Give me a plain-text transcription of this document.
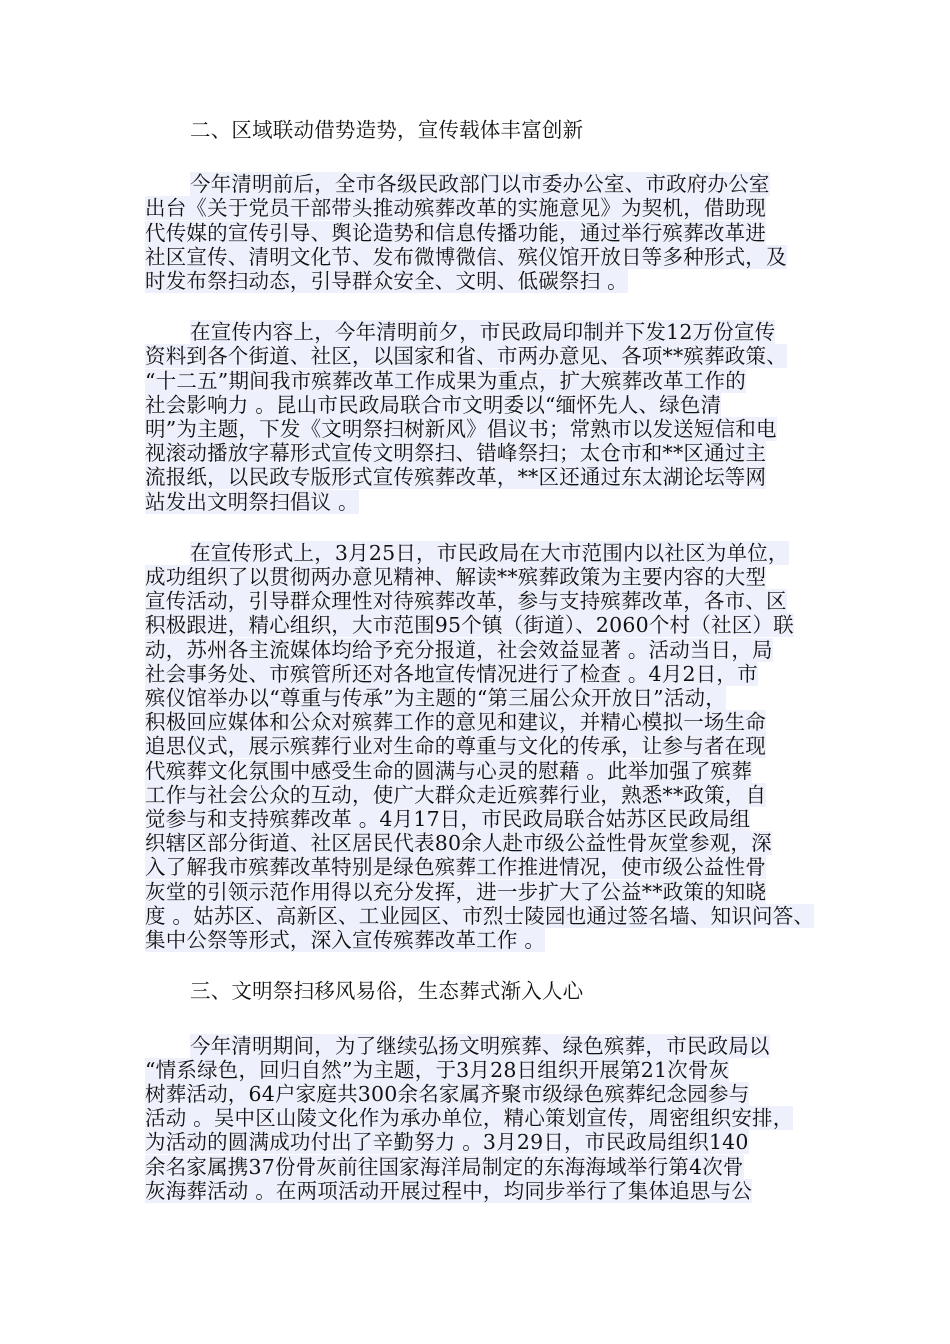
二、区域联动借势造势，宣传载体丰富创新

今年清明前后，全市各级民政部门以市委办公室、市政府办公室

出台《关于党员干部带头推动殡葬改革的实施意见》为契机，借助现

代传媒的宣传引导、舆论造势和信息传播功能，通过举行殡葬改革进

社区宣传、清明文化节、发布微博微信、殡仪馆开放日等多种形式，及

时发布祭扫动态，引导群众安全、文明、低碳祭扫 。

在宣传内容上，今年清明前夕，市民政局印制并下发12万份宣传

资料到各个街道、社区，以国家和省、市两办意见、各项**殡葬政策、

“十二五”期间我市殡葬改革工作成果为重点，扩大殡葬改革工作的

社会影响力 。昆山市民政局联合市文明委以“缅怀先人、绿色清

明”为主题，下发《文明祭扫树新风》倡议书；常熟市以发送短信和电

视滚动播放字幕形式宣传文明祭扫、错峰祭扫；太仓市和**区通过主

流报纸，以民政专版形式宣传殡葬改革，**区还通过东太湖论坛等网

站发出文明祭扫倡议 。

在宣传形式上，3月25日，市民政局在大市范围内以社区为单位，

成功组织了以贯彻两办意见精神、解读**殡葬政策为主要内容的大型

宣传活动，引导群众理性对待殡葬改革，参与支持殡葬改革，各市、区

积极跟进，精心组织，大市范围95个镇（街道）、2060个村（社区）联

动，苏州各主流媒体均给予充分报道，社会效益显著 。活动当日，局

社会事务处、市殡管所还对各地宣传情况进行了检查 。4月2日，市

殡仪馆举办以“尊重与传承”为主题的“第三届公众开放日”活动，

积极回应媒体和公众对殡葬工作的意见和建议，并精心模拟一场生命

追思仪式，展示殡葬行业对生命的尊重与文化的传承，让参与者在现

代殡葬文化氛围中感受生命的圆满与心灵的慰藉 。此举加强了殡葬

工作与社会公众的互动，使广大群众走近殡葬行业，熟悉**政策，自

觉参与和支持殡葬改革 。4月17日，市民政局联合姑苏区民政局组

织辖区部分街道、社区居民代表80余人赴市级公益性骨灰堂参观，深

入了解我市殡葬改革特别是绿色殡葬工作推进情况，使市级公益性骨

灰堂的引领示范作用得以充分发挥，进一步扩大了公益**政策的知晓

度 。姑苏区、高新区、工业园区、市烈士陵园也通过签名墙、知识问答、

集中公祭等形式，深入宣传殡葬改革工作 。

三、文明祭扫移风易俗，生态葬式渐入人心

今年清明期间，为了继续弘扬文明殡葬、绿色殡葬，市民政局以

“情系绿色，回归自然”为主题，于3月28日组织开展第21次骨灰

树葬活动，64户家庭共300余名家属齐聚市级绿色殡葬纪念园参与

活动 。吴中区山陵文化作为承办单位，精心策划宣传，周密组织安排，

为活动的圆满成功付出了辛勤努力 。3月29日，市民政局组织140

余名家属携37份骨灰前往国家海洋局制定的东海海域举行第4次骨

灰海葬活动 。在两项活动开展过程中，均同步举行了集体追思与公
